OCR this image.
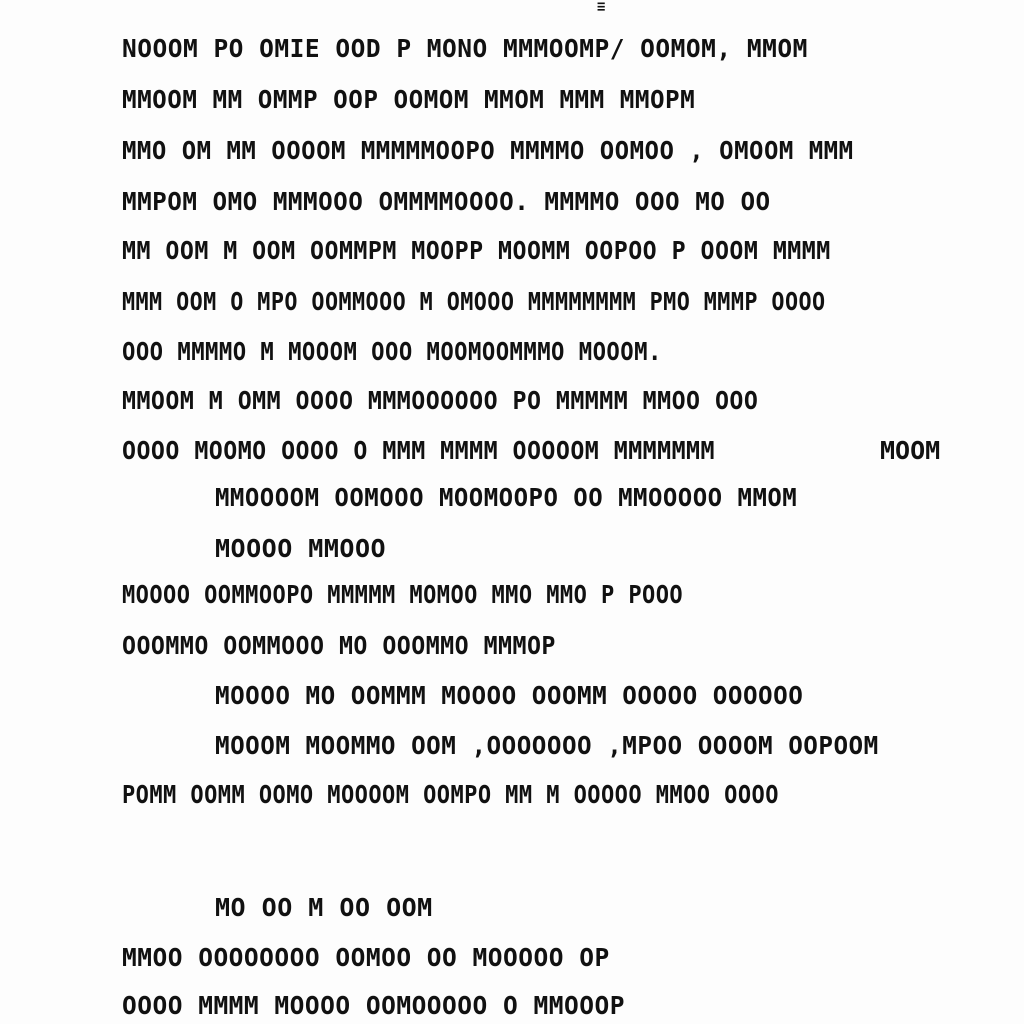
≡
NOOOM PO OMIE OOD P MONO MMMOOMP/ OOMOM, MMOM
MMOOM MM OMMP OOP OOMOM MMOM MMM MMOPM
MMO OM MM OOOOM MMMMMOOPO MMMMO OOMOO , OMOOM MMM
MMPOM OMO MMMOOO OMMMMOOOO. MMMMO OOO MO OO
MM OOM M OOM OOMMPM MOOPP MOOMM OOPOO P OOOM MMMM
MMM OOM O MPO OOMMOOO M OMOOO MMMMMMMM PMO MMMP OOOO
OOO MMMMO M MOOOM OOO MOOMOOMMMO MOOOM.
MMOOM M OMM OOOO MMMOOOOOO PO MMMMM MMOO OOO
OOOO MOOMO OOOO O MMM MMMM OOOOOM MMMMMMM	MOOM
MMOOOOM OOMOOO MOOMOOPO OO MMOOOOO MMOM
MOOOO MMOOO
MOOOO OOMMOOPO MMMMM MOMOO MMO MMO P POOO
OOOMMO OOMMOOO MO OOOMMO MMMOP
MOOOO MO OOMMM MOOOO OOOMM OOOOO OOOOOO
MOOOM MOOMMO OOM ,OOOOOOO ,MPOO OOOOM OOPOOM
POMM OOMM OOMO MOOOOM OOMPO MM M OOOOO MMOO OOOO
MO OO M OO OOM
MMOO OOOOOOOO OOMOO OO MOOOOO OP
OOOO MMMM MOOOO OOMOOOOO O MMOOOP
